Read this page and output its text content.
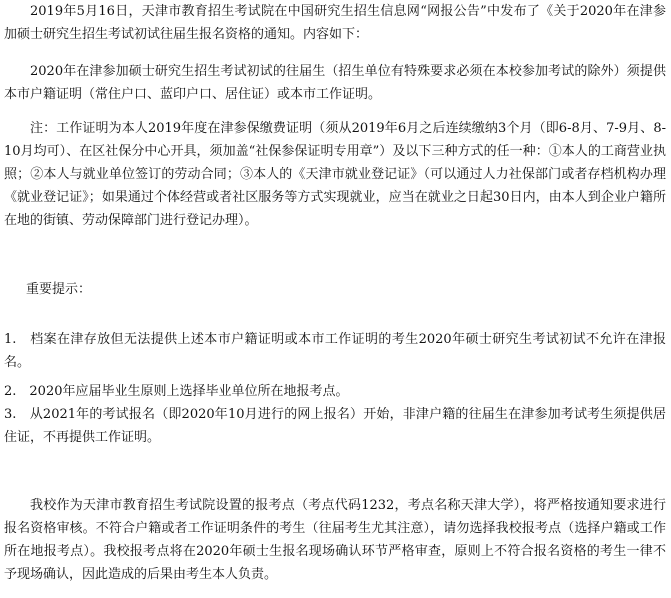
2019年5月16日，天津市教育招生考试院在中国研究生招生信息网“网报公告”中发布了《关于2020年在津参加硕士研究生招生考试初试往届生报名资格的通知。内容如下：

2020年在津参加硕士研究生招生考试初试的往届生（招生单位有特殊要求必须在本校参加考试的除外）须提供本市户籍证明（常住户口、蓝印户口、居住证）或本市工作证明。

注：工作证明为本人2019年度在津参保缴费证明（须从2019年6月之后连续缴纳3个月（即6-8月、7-9月、8-10月均可）、在区社保分中心开具，须加盖“社保参保证明专用章”）及以下三种方式的任一种：①本人的工商营业执照；②本人与就业单位签订的劳动合同；③本人的《天津市就业登记证》（可以通过人力社保部门或者存档机构办理《就业登记证》；如果通过个体经营或者社区服务等方式实现就业，应当在就业之日起30日内，由本人到企业户籍所在地的街镇、劳动保障部门进行登记办理）。

重要提示：

1.　档案在津存放但无法提供上述本市户籍证明或本市工作证明的考生2020年硕士研究生考试初试不允许在津报名。

2.　2020年应届毕业生原则上选择毕业单位所在地报考点。

3.　从2021年的考试报名（即2020年10月进行的网上报名）开始，非津户籍的往届生在津参加考试考生须提供居住证，不再提供工作证明。

我校作为天津市教育招生考试院设置的报考点（考点代码1232，考点名称天津大学），将严格按通知要求进行报名资格审核。不符合户籍或者工作证明条件的考生（往届考生尤其注意），请勿选择我校报考点（选择户籍或工作所在地报考点）。我校报考点将在2020年硕士生报名现场确认环节严格审查，原则上不符合报名资格的考生一律不予现场确认，因此造成的后果由考生本人负责。
